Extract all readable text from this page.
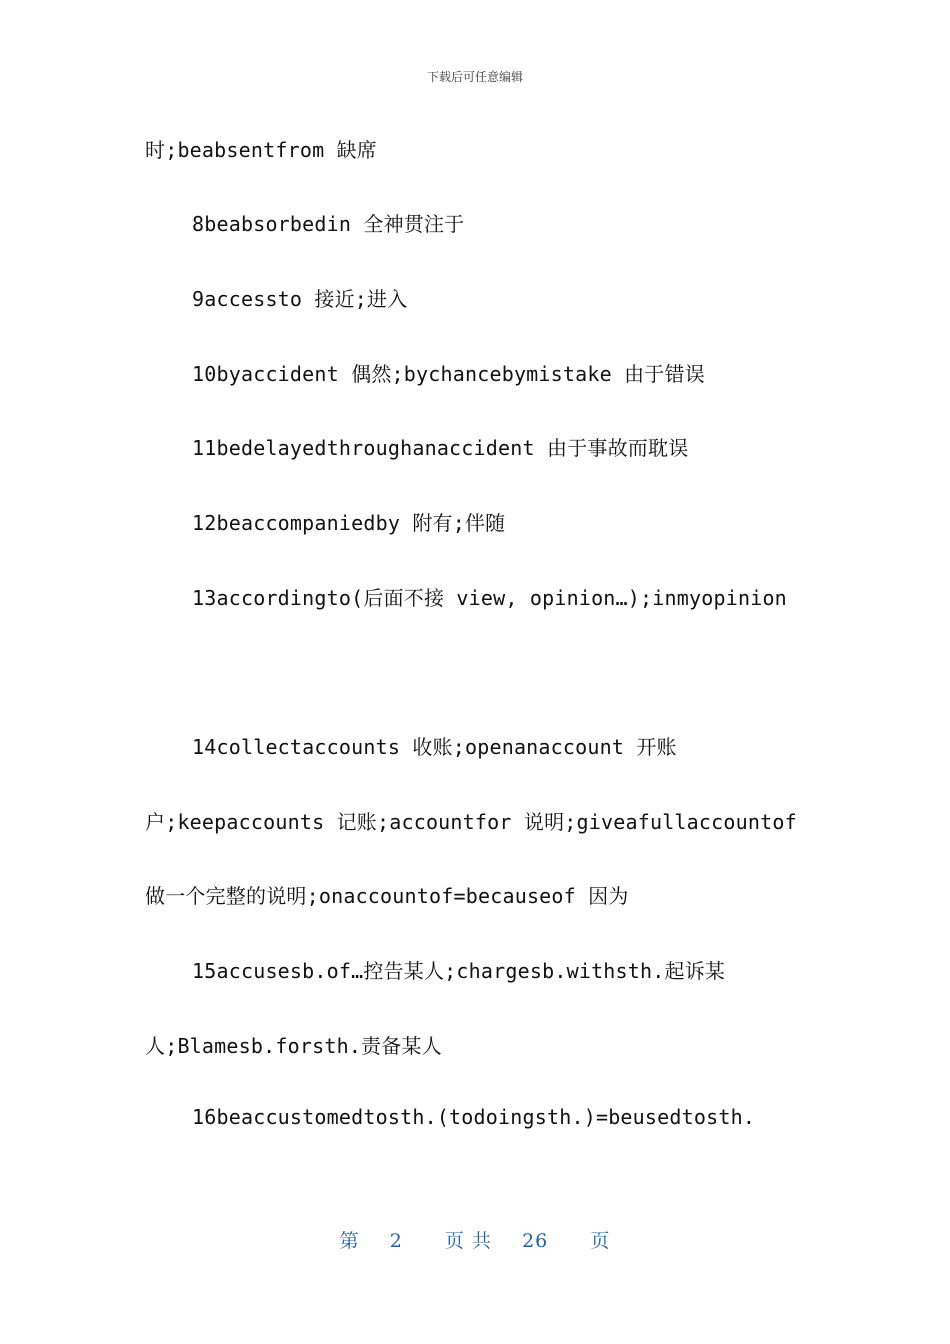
下载后可任意编辑
时;beabsentfrom 缺席
8beabsorbedin 全神贯注于
9accessto 接近;进入
10byaccident 偶然;bychancebymistake 由于错误
11bedelayedthroughanaccident 由于事故而耽误
12beaccompaniedby 附有;伴随
13accordingto(后面不接 view, opinion…);inmyopinion
14collectaccounts 收账;openanaccount 开账
户;keepaccounts 记账;accountfor 说明;giveafullaccountof
做一个完整的说明;onaccountof=becauseof 因为
15accusesb.of…控告某人;chargesb.withsth.起诉某
人;Blamesb.forsth.责备某人
16beaccustomedtosth.(todoingsth.)=beusedtosth.
第 2 页 共 26 页
